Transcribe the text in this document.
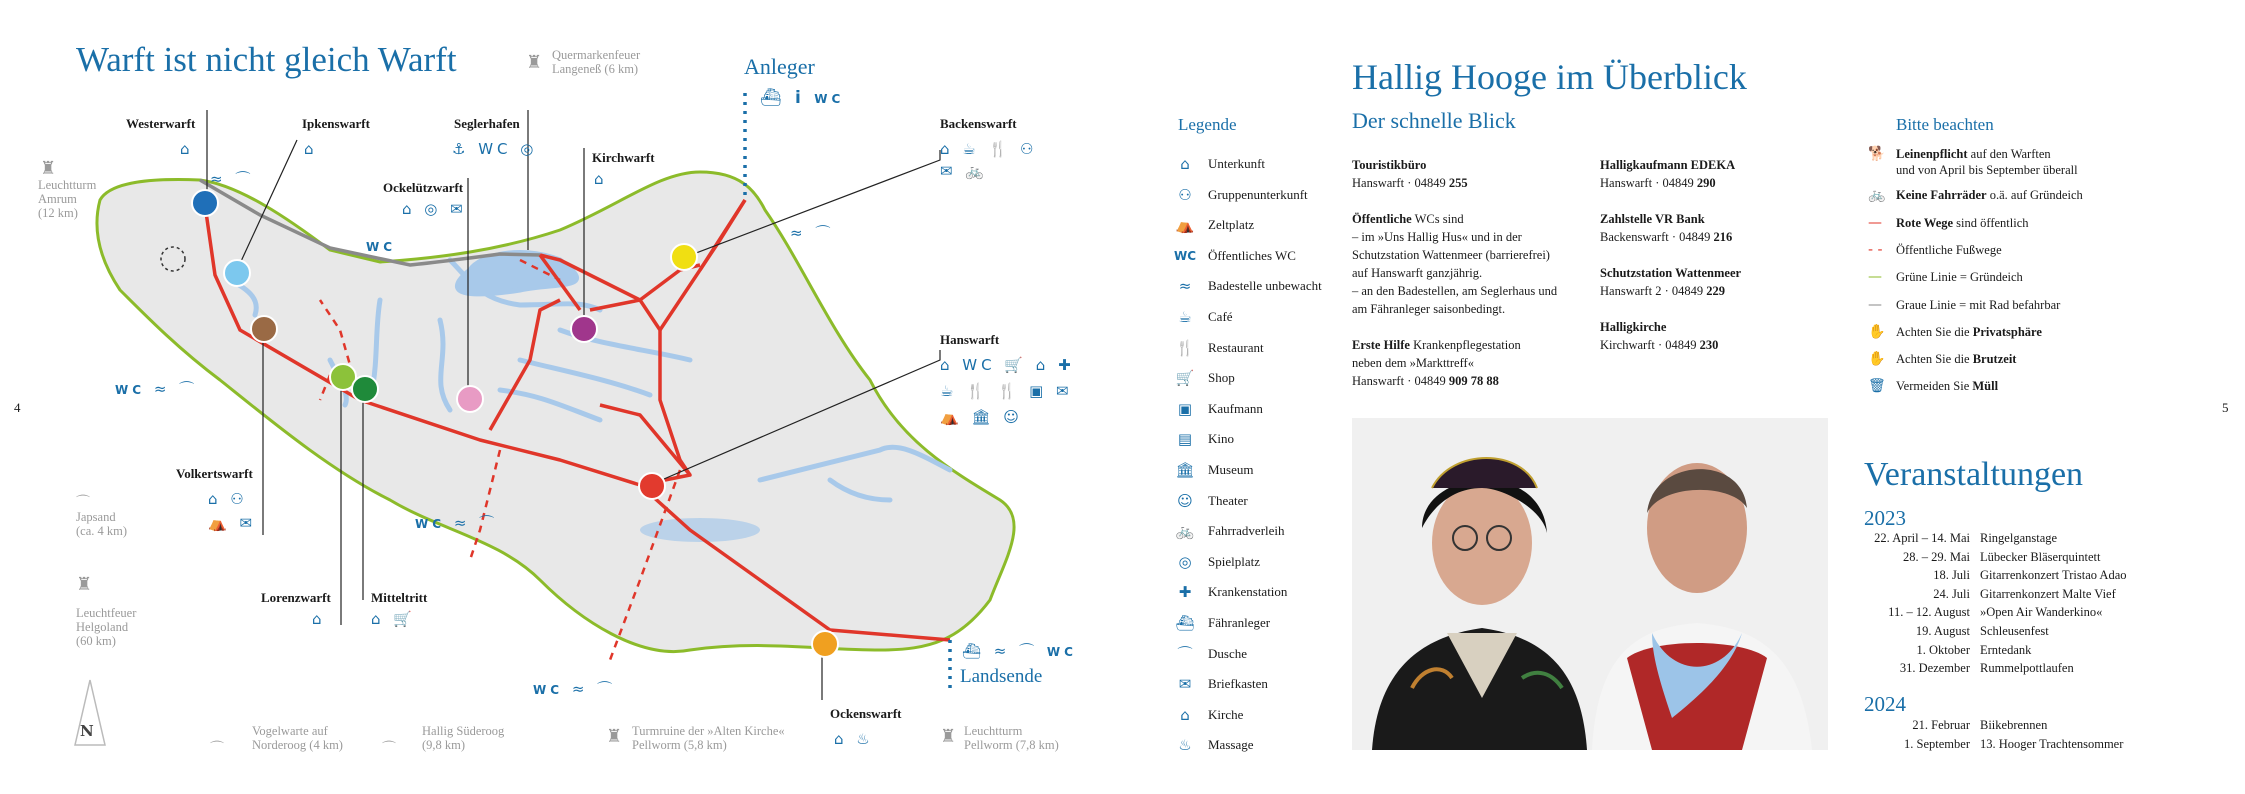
4
Warft ist nicht gleich Warft
Westerwarft
⌂
≈ ⌒
Ipkenswarft
⌂
Seglerhafen
⚓ WC ◎
Ockelützwarft
⌂ ◎ ✉
Kirchwarft
⌂
Backenswarft
⌂ ☕ 🍴 ⚇
✉ 🚲
Hanswarft
⌂ WC 🛒 ⌂ ✚
☕ 🍴 🍴 ▣ ✉
⛺ 🏛 ☺
Volkertswarft
⌂ ⚇
⛺ ✉
Lorenzwarft
⌂
Mitteltritt
⌂ 🛒
Ockenswarft
⌂ ♨
WC
≈ ⌒
WC ≈ ⌒
WC ≈ ⌒
WC ≈ ⌒
⛴ ≈ ⌒ WC
Anleger
⛴ i WC
Landsende
♜ Quermarkenfeuer
Langeneß (6 km)
♜
Leuchtturm
Amrum
(12 km)
⌒
Japsand
(ca. 4 km)
♜
Leuchtfeuer
Helgoland
(60 km)
N
⌒
Vogelwarte auf
Norderoog (4 km)	⌒
Hallig Süderoog
(9,8 km)	♜ Turmruine der »Alten Kirche«
Pellworm (5,8 km)	♜ Leuchtturm
Pellworm (7,8 km)
Hallig Hooge im Überblick
Der schnelle Blick
5
Legende
⌂	Unterkunft
⚇	Gruppenunterkunft
⛺	Zeltplatz
WC Öffentliches WC
≈	Badestelle unbewacht
☕	Café
🍴	Restaurant
🛒	Shop
▣	Kaufmann
▤	Kino
🏛	Museum
☺	Theater
🚲	Fahrradverleih
◎	Spielplatz
✚	Krankenstation
⛴	Fähranleger
⌒	Dusche
✉	Briefkasten
⌂	Kirche
♨	Massage
Touristikbüro
Hanswarft · 04849 255
Öffentliche WCs sind
– im »Uns Hallig Hus« und in der
Schutzstation Wattenmeer (barrierefrei)
auf Hanswarft ganzjährig.
– an den Badestellen, am Seglerhaus und
am Fähranleger saisonbedingt.
Erste Hilfe Krankenpflegestation
neben dem »Markttreff«
Hanswarft · 04849 909 78 88
Halligkaufmann EDEKA
Hanswarft · 04849 290
Zahlstelle VR Bank
Backenswarft · 04849 216
Schutzstation Wattenmeer
Hanswarft 2 · 04849 229
Halligkirche
Kirchwarft · 04849 230
Bitte beachten
🐕 Leinenpflicht auf den Warften
und von April bis September überall
🚲 Keine Fahrräder o.ä. auf Gründeich
—	Rote Wege sind öffentlich
- -	Öffentliche Fußwege
—	Grüne Linie = Gründeich
—	Graue Linie = mit Rad befahrbar
✋ Achten Sie die Privatsphäre
✋ Achten Sie die Brutzeit
🗑 Vermeiden Sie Müll
Veranstaltungen
2023
2024
22. April – 14. Mai Ringelganstage
28. – 29. Mai Lübecker Bläserquintett
18. Juli Gitarrenkonzert Tristao Adao
24. Juli Gitarrenkonzert Malte Vief
11. – 12. August »Open Air Wanderkino«
19. August Schleusenfest
1. Oktober Erntedank
31. Dezember Rummelpottlaufen
21. Februar Biikebrennen
1. September 13. Hooger Trachtensommer
